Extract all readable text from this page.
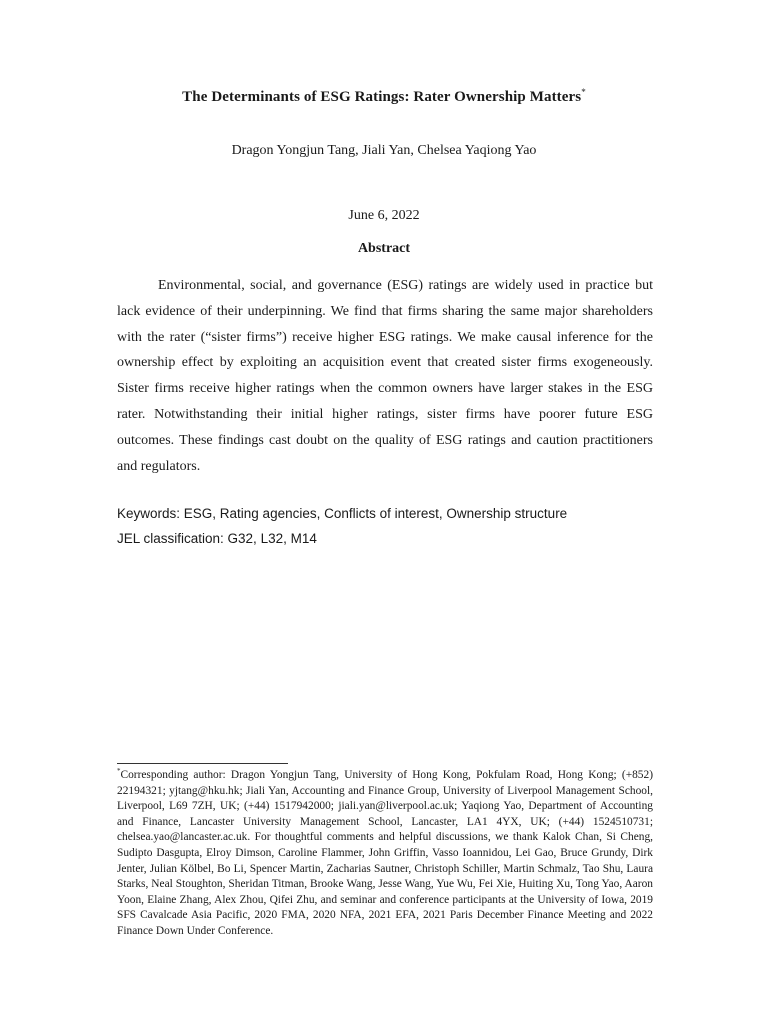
The Determinants of ESG Ratings: Rater Ownership Matters*
Dragon Yongjun Tang, Jiali Yan, Chelsea Yaqiong Yao
June 6, 2022
Abstract
Environmental, social, and governance (ESG) ratings are widely used in practice but lack evidence of their underpinning. We find that firms sharing the same major shareholders with the rater (“sister firms”) receive higher ESG ratings. We make causal inference for the ownership effect by exploiting an acquisition event that created sister firms exogeneously. Sister firms receive higher ratings when the common owners have larger stakes in the ESG rater. Notwithstanding their initial higher ratings, sister firms have poorer future ESG outcomes. These findings cast doubt on the quality of ESG ratings and caution practitioners and regulators.
Keywords: ESG, Rating agencies, Conflicts of interest, Ownership structure
JEL classification: G32, L32, M14
*Corresponding author: Dragon Yongjun Tang, University of Hong Kong, Pokfulam Road, Hong Kong; (+852) 22194321; yjtang@hku.hk; Jiali Yan, Accounting and Finance Group, University of Liverpool Management School, Liverpool, L69 7ZH, UK; (+44) 1517942000; jiali.yan@liverpool.ac.uk; Yaqiong Yao, Department of Accounting and Finance, Lancaster University Management School, Lancaster, LA1 4YX, UK; (+44) 1524510731; chelsea.yao@lancaster.ac.uk. For thoughtful comments and helpful discussions, we thank Kalok Chan, Si Cheng, Sudipto Dasgupta, Elroy Dimson, Caroline Flammer, John Griffin, Vasso Ioannidou, Lei Gao, Bruce Grundy, Dirk Jenter, Julian Kölbel, Bo Li, Spencer Martin, Zacharias Sautner, Christoph Schiller, Martin Schmalz, Tao Shu, Laura Starks, Neal Stoughton, Sheridan Titman, Brooke Wang, Jesse Wang, Yue Wu, Fei Xie, Huiting Xu, Tong Yao, Aaron Yoon, Elaine Zhang, Alex Zhou, Qifei Zhu, and seminar and conference participants at the University of Iowa, 2019 SFS Cavalcade Asia Pacific, 2020 FMA, 2020 NFA, 2021 EFA, 2021 Paris December Finance Meeting and 2022 Finance Down Under Conference.
